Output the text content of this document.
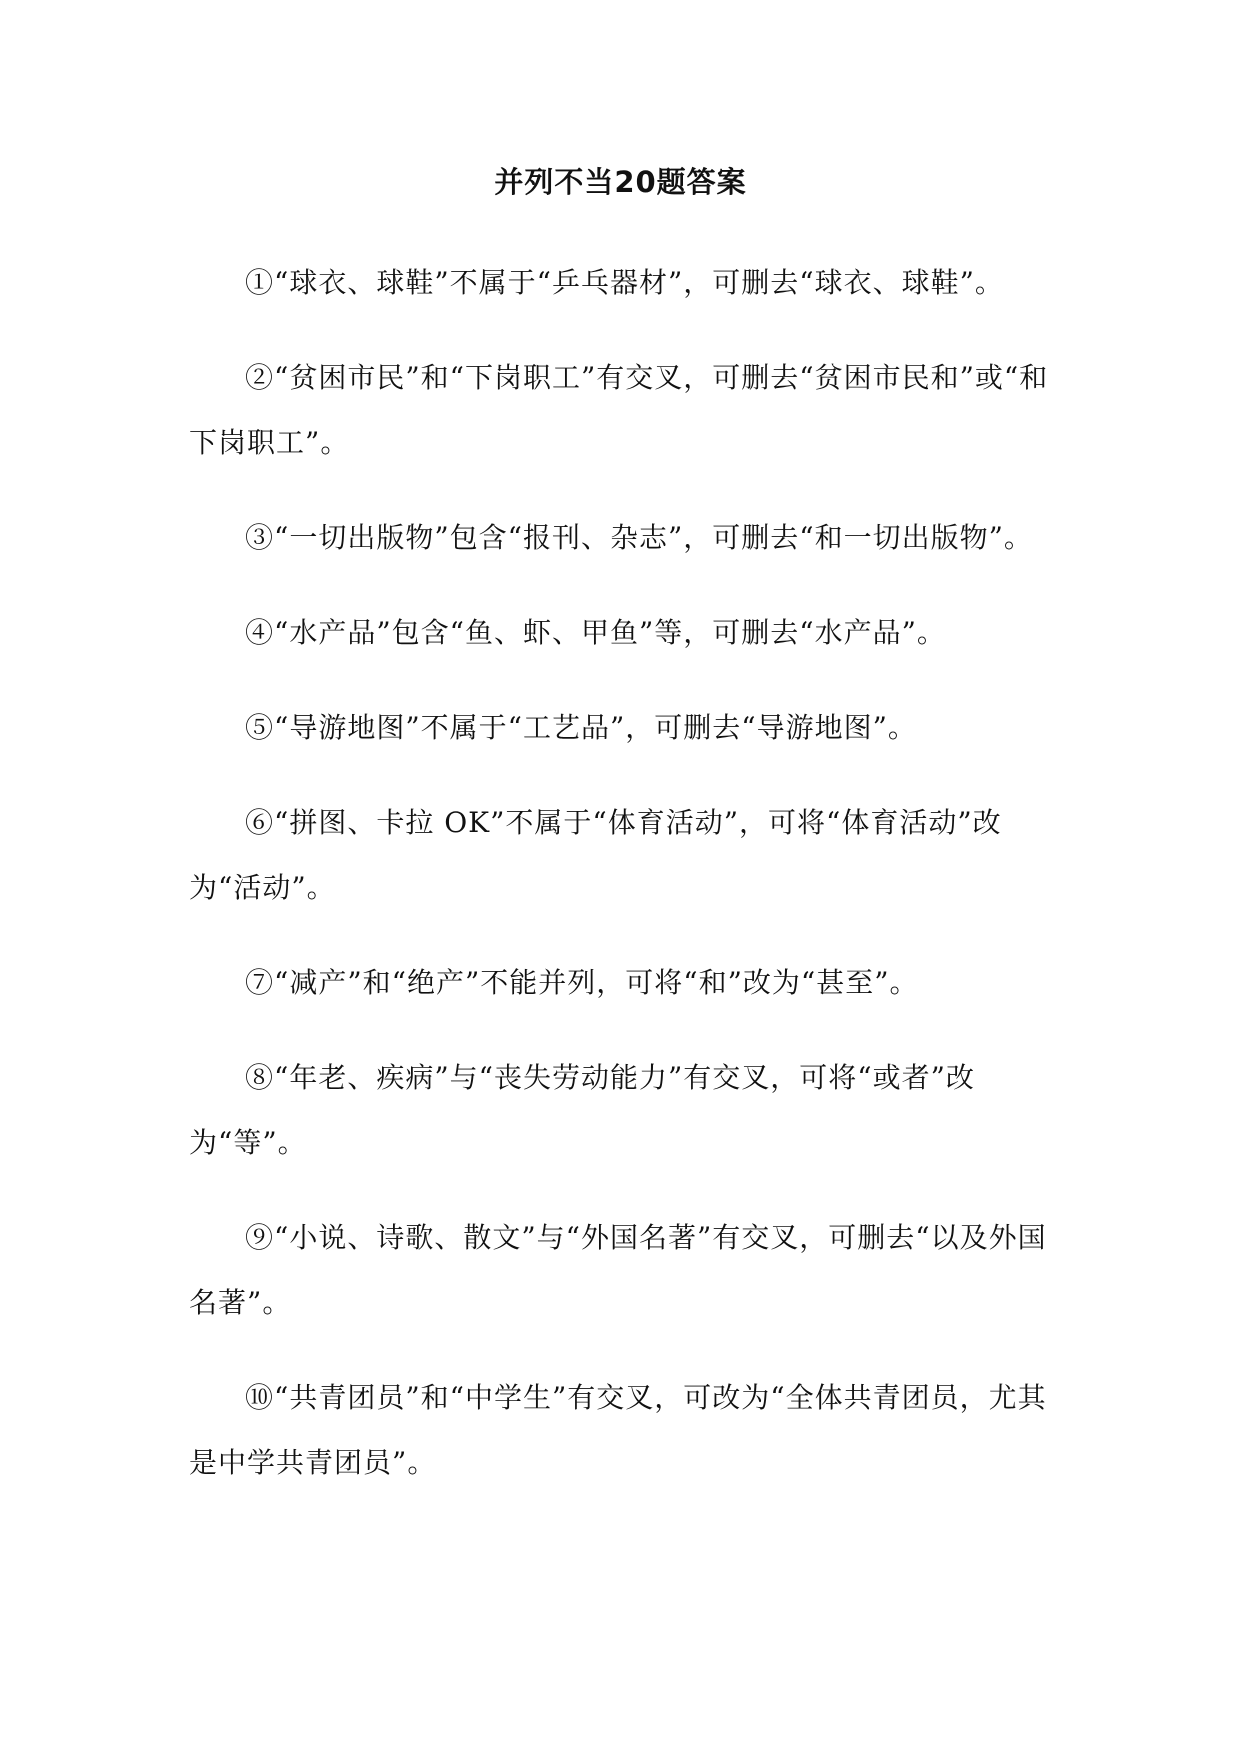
并列不当20题答案

①“球衣、球鞋”不属于“乒乓器材”，可删去“球衣、球鞋”。

②“贫困市民”和“下岗职工”有交叉，可删去“贫困市民和”或“和下岗职工”。

③“一切出版物”包含“报刊、杂志”，可删去“和一切出版物”。

④“水产品”包含“鱼、虾、甲鱼”等，可删去“水产品”。

⑤“导游地图”不属于“工艺品”，可删去“导游地图”。

⑥“拼图、卡拉 OK”不属于“体育活动”，可将“体育活动”改为“活动”。

⑦“减产”和“绝产”不能并列，可将“和”改为“甚至”。

⑧“年老、疾病”与“丧失劳动能力”有交叉，可将“或者”改为“等”。

⑨“小说、诗歌、散文”与“外国名著”有交叉，可删去“以及外国名著”。

⑩“共青团员”和“中学生”有交叉，可改为“全体共青团员，尤其是中学共青团员”。
